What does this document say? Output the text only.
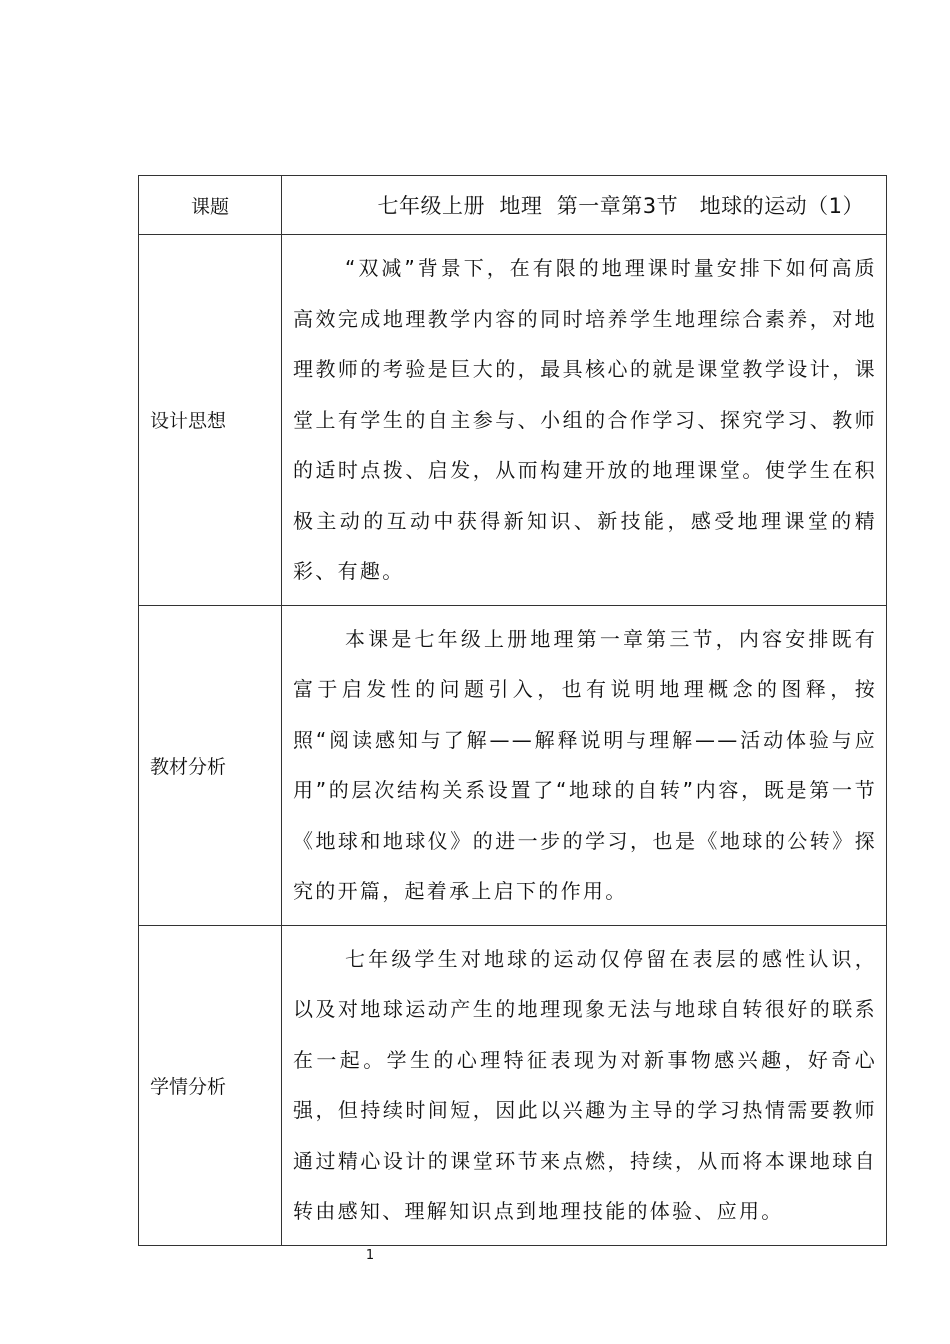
课题	七年级上册  地理  第一章第3节   地球的运动（1）
设计思想	“双减”背景下，在有限的地理课时量安排下如何高质高效完成地理教学内容的同时培养学生地理综合素养，对地理教师的考验是巨大的，最具核心的就是课堂教学设计，课堂上有学生的自主参与、小组的合作学习、探究学习、教师的适时点拨、启发，从而构建开放的地理课堂。使学生在积极主动的互动中获得新知识、新技能，感受地理课堂的精彩、有趣。

教材分析	本课是七年级上册地理第一章第三节，内容安排既有富于启发性的问题引入，也有说明地理概念的图释，按照“阅读感知与了解——解释说明与理解——活动体验与应用”的层次结构关系设置了“地球的自转”内容，既是第一节《地球和地球仪》的进一步的学习，也是《地球的公转》探究的开篇，起着承上启下的作用。

学情分析	七年级学生对地球的运动仅停留在表层的感性认识，以及对地球运动产生的地理现象无法与地球自转很好的联系在一起。学生的心理特征表现为对新事物感兴趣，好奇心强，但持续时间短，因此以兴趣为主导的学习热情需要教师通过精心设计的课堂环节来点燃，持续，从而将本课地球自转由感知、理解知识点到地理技能的体验、应用。

1
